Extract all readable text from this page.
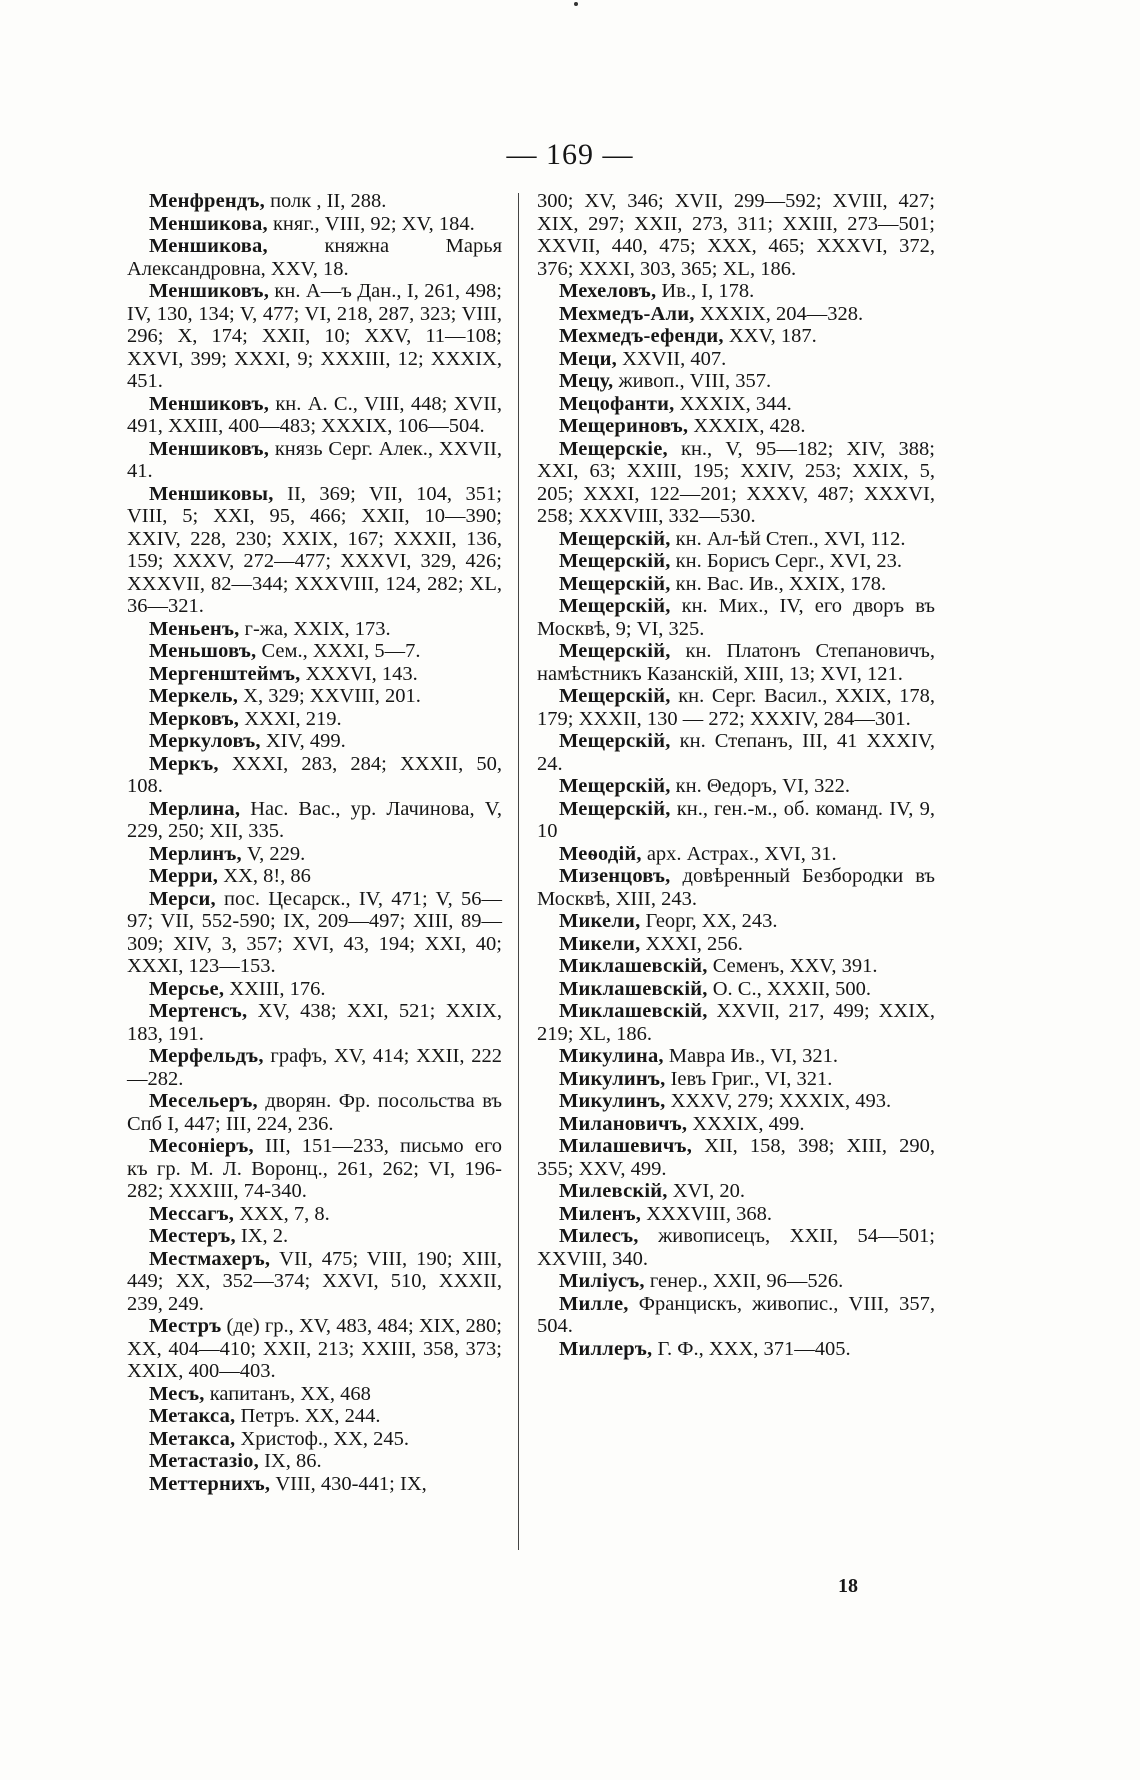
— 169 —

Менфрендъ, полк , II, 288.

Меншикова, княг., VIII, 92; XV, 184.

Меншикова, княжна Марья Александровна, XXV, 18.

Меншиковъ, кн. А—ъ Дан., I, 261, 498; IV, 130, 134; V, 477; VI, 218, 287, 323; VIII, 296; X, 174; XXII, 10; XXV, 11—108; XXVI, 399; XXXI, 9; XXXIII, 12; XXXIX, 451.

Меншиковъ, кн. А. С., VIII, 448; XVII, 491, XXIII, 400—483; XXXIX, 106—504.

Меншиковъ, князь Серг. Алек., XXVII, 41.

Меншиковы, II, 369; VII, 104, 351; VIII, 5; XXI, 95, 466; XXII, 10—390; XXIV, 228, 230; XXIX, 167; XXXII, 136, 159; XXXV, 272—477; XXXVI, 329, 426; XXXVII, 82—344; XXXVIII, 124, 282; XL, 36—321.

Меньенъ, г-жа, XXIX, 173.

Меньшовъ, Сем., XXXI, 5—7.

Мергенштеймъ, XXXVI, 143.

Меркель, X, 329; XXVIII, 201.

Мерковъ, XXXI, 219.

Меркуловъ, XIV, 499.

Меркъ, XXXI, 283, 284; XXXII, 50, 108.

Мерлина, Нас. Вас., ур. Лачинова, V, 229, 250; XII, 335.

Мерлинъ, V, 229.

Мерри, XX, 8!, 86

Мерси, пос. Цесарск., IV, 471; V, 56—97; VII, 552-590; IX, 209—497; XIII, 89—309; XIV, 3, 357; XVI, 43, 194; XXI, 40; XXXI, 123—153.

Мерсье, XXIII, 176.

Мертенсъ, XV, 438; XXI, 521; XXIX, 183, 191.

Мерфельдъ, графъ, XV, 414; XXII, 222—282.

Месельеръ, дворян. Фр. посольства въ Спб I, 447; III, 224, 236.

Месоніеръ, III, 151—233, письмо его къ гр. М. Л. Воронц., 261, 262; VI, 196-282; XXXIII, 74-340.

Мессагъ, XXX, 7, 8.

Местеръ, IX, 2.

Местмахеръ, VII, 475; VIII, 190; XIII, 449; XX, 352—374; XXVI, 510, XXXII, 239, 249.

Местръ (де) гр., XV, 483, 484; XIX, 280; XX, 404—410; XXII, 213; XXIII, 358, 373; XXIX, 400—403.

Месъ, капитанъ, XX, 468

Метакса, Петръ. XX, 244.

Метакса, Христоф., XX, 245.

Метастазіо, IX, 86.

Меттернихъ, VIII, 430-441; IX,

300; XV, 346; XVII, 299—592; XVIII, 427; XIX, 297; XXII, 273, 311; XXIII, 273—501; XXVII, 440, 475; XXX, 465; XXXVI, 372, 376; XXXI, 303, 365; XL, 186.

Мехеловъ, Ив., I, 178.

Мехмедъ-Али, XXXIX, 204—328.

Мехмедъ-ефенди, XXV, 187.

Меци, XXVII, 407.

Мецу, живоп., VIII, 357.

Мецофанти, XXXIX, 344.

Мещериновъ, XXXIX, 428.

Мещерскіе, кн., V, 95—182; XIV, 388; XXI, 63; XXIII, 195; XXIV, 253; XXIX, 5, 205; XXXI, 122—201; XXXV, 487; XXXVI, 258; XXXVIII, 332—530.

Мещерскій, кн. Ал-ѣй Степ., XVI, 112.

Мещерскій, кн. Борисъ Серг., XVI, 23.

Мещерскій, кн. Вас. Ив., XXIX, 178.

Мещерскій, кн. Мих., IV, его дворъ въ Москвѣ, 9; VI, 325.

Мещерскій, кн. Платонъ Степановичъ, намѣстникъ Казанскій, XIII, 13; XVI, 121.

Мещерскій, кн. Серг. Васил., XXIX, 178, 179; XXXII, 130 — 272; XXXIV, 284—301.

Мещерскій, кн. Степанъ, III, 41 XXXIV, 24.

Мещерскій, кн. Θедоръ, VI, 322.

Мещерскій, кн., ген.-м., об. команд. IV, 9, 10

Меѳодій, арх. Астрах., XVI, 31.

Мизенцовъ, довѣренный Безбородки въ Москвѣ, XIII, 243.

Микели, Георг, XX, 243.

Микели, XXXI, 256.

Миклашевскій, Семенъ, XXV, 391.

Миклашевскій, О. С., XXXII, 500.

Миклашевскій, XXVII, 217, 499; XXIX, 219; XL, 186.

Микулина, Мавра Ив., VI, 321.

Микулинъ, Іевъ Григ., VI, 321.

Микулинъ, XXXV, 279; XXXIX, 493.

Милановичъ, XXXIX, 499.

Милашевичъ, XII, 158, 398; XIII, 290, 355; XXV, 499.

Милевскій, XVI, 20.

Миленъ, XXXVIII, 368.

Милесъ, живописецъ, XXII, 54—501; XXVIII, 340.

Миліусъ, генер., XXII, 96—526.

Милле, Францискъ, живопис., VIII, 357, 504.

Миллеръ, Г. Ф., XXX, 371—405.

18
